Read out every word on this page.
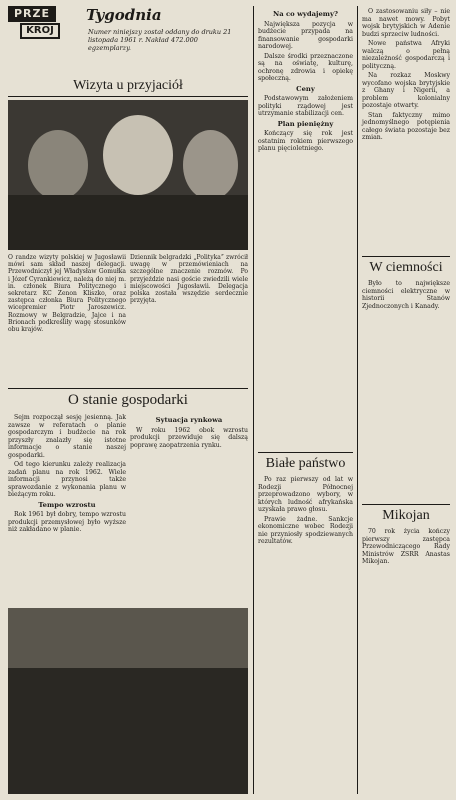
PRZE
KRÓJ
Tygodnia
Numer niniejszy został oddany do druku 21 listopada 1961 r. Nakład 472.000 egzemplarzy.
Wizyta u przyjaciół
O randze wizyty polskiej w Jugosławii mówi sam skład naszej delegacji. Przewodniczył jej Władysław Gomułka i Józef Cyrankiewicz, należą do niej m. in. członek Biura Politycznego i sekretarz KC Zenon Kliszko, oraz zastępca członka Biura Politycznego wicepremier Piotr Jaroszewicz. Rozmowy w Belgradzie, Jajce i na Brionach podkreśliły wagę stosunków obu krajów.
Dziennik belgradzki „Politykaˮ zwrócił uwagę w przemówieniach na szczególne znaczenie rozmów. Po przyjeździe nasi goście zwiedzili wiele miejscowości Jugosławii. Delegacja polska została wszędzie serdecznie przyjęta.
O stanie gospodarki

Sejm rozpoczął sesję jesienną. Jak zawsze w referatach o planie gospodarczym i budżecie na rok przyszły znalazły się istotne informacje o stanie naszej gospodarki.

Od tego kierunku zależy realizacja zadań planu na rok 1962. Wiele informacji przynosi także sprawozdanie z wykonania planu w bieżącym roku.

Tempo wzrostu

Rok 1961 był dobry, tempo wzrostu produkcji przemysłowej było wyższe niż zakładano w planie.

Sytuacja rynkowa

W roku 1962 obok wzrostu produkcji przewiduje się dalszą poprawę zaopatrzenia rynku.

Na co wydajemy?

Największa pozycja w budżecie przypada na finansowanie gospodarki narodowej.

Dalsze środki przeznaczone są na oświatę, kulturę, ochronę zdrowia i opiekę społeczną.

Ceny

Podstawowym założeniem polityki rządowej jest utrzymanie stabilizacji cen.

Plan pieniężny

Kończący się rok jest ostatnim rokiem pierwszego planu pięcioletniego.

Białe państwo

Po raz pierwszy od lat w Rodezji Północnej przeprowadzono wybory, w których ludność afrykańska uzyskała prawo głosu.

Prawie żadne. Sankcje ekonomiczne wobec Rodezji nie przyniosły spodziewanych rezultatów.

O zastosowaniu siły – nie ma nawet mowy. Pobyt wojsk brytyjskich w Adenie budzi sprzeciw ludności.

Nowe państwa Afryki walczą o pełną niezależność gospodarczą i polityczną.

Na rozkaz Moskwy wycofano wojska brytyjskie z Ghany i Nigerii, a problem kolonialny pozostaje otwarty.

Stan faktyczny mimo jednomyślnego potępienia całego świata pozostaje bez zmian.

W ciemności

Było to największe ciemności elektryczne w historii Stanów Zjednoczonych i Kanady.

Mikojan

70 rok życia kończy pierwszy zastępca Przewodniczącego Rady Ministrów ZSRR Anastas Mikojan.
